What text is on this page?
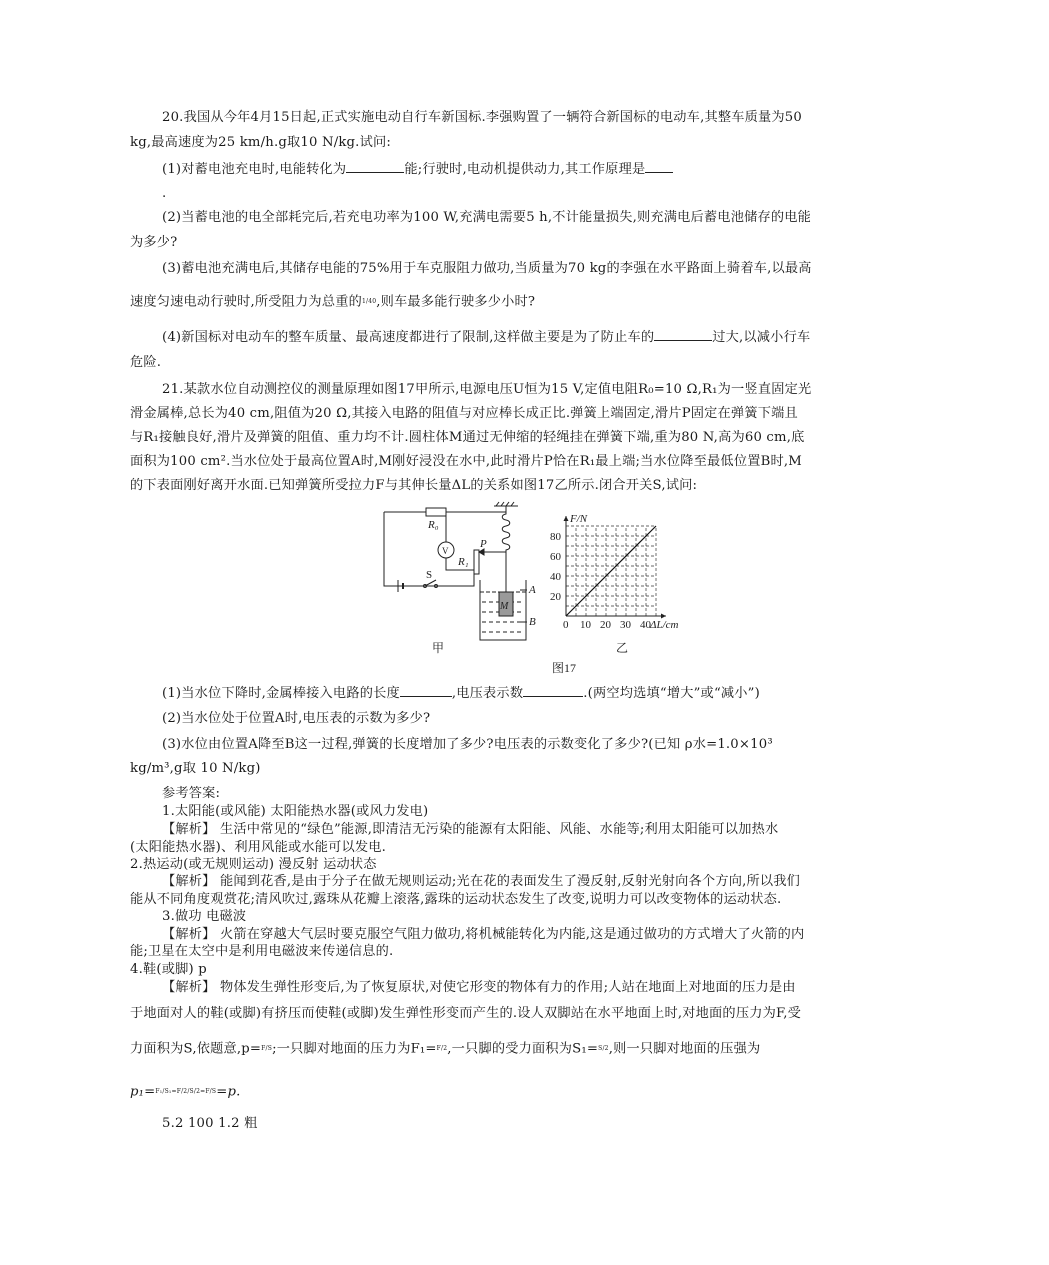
20.我国从今年4月15日起,正式实施电动自行车新国标.李强购置了一辆符合新国标的电动车,其整车质量为50
kg,最高速度为25 km/h.g取10 N/kg.试问:
(1)对蓄电池充电时,电能转化为	能;行驶时,电动机提供动力,其工作原理是
.
(2)当蓄电池的电全部耗完后,若充电功率为100 W,充满电需要5 h,不计能量损失,则充满电后蓄电池储存的电能
为多少?
(3)蓄电池充满电后,其储存电能的75%用于车克服阻力做功,当质量为70 kg的李强在水平路面上骑着车,以最高
速度匀速电动行驶时,所受阻力为总重的1/40,则车最多能行驶多少小时?
(4)新国标对电动车的整车质量、最高速度都进行了限制,这样做主要是为了防止车的	过大,以减小行车
危险.
21.某款水位自动测控仪的测量原理如图17甲所示,电源电压U恒为15 V,定值电阻R₀=10 Ω,R₁为一竖直固定光
滑金属棒,总长为40 cm,阻值为20 Ω,其接入电路的阻值与对应棒长成正比.弹簧上端固定,滑片P固定在弹簧下端且
与R₁接触良好,滑片及弹簧的阻值、重力均不计.圆柱体M通过无伸缩的轻绳挂在弹簧下端,重为80 N,高为60 cm,底
面积为100 cm².当水位处于最高位置A时,M刚好浸没在水中,此时滑片P恰在R₁最上端;当水位降至最低位置B时,M
的下表面刚好离开水面.已知弹簧所受拉力F与其伸长量ΔL的关系如图17乙所示.闭合开关S,试问:
R₀
V
R₁
P
S
M
A
B
甲
0 10 20 30 40
20
40
60
80
ΔL/cm
F/N
乙
图17
(1)当水位下降时,金属棒接入电路的长度	,电压表示数	.(两空均选填“增大”或“减小”)
(2)当水位处于位置A时,电压表的示数为多少?
(3)水位由位置A降至B这一过程,弹簧的长度增加了多少?电压表的示数变化了多少?(已知 ρ水=1.0×10³
kg/m³,g取 10 N/kg)
参考答案:
1.太阳能(或风能) 太阳能热水器(或风力发电)
【解析】 生活中常见的“绿色”能源,即清洁无污染的能源有太阳能、风能、水能等;利用太阳能可以加热水
(太阳能热水器)、利用风能或水能可以发电.
2.热运动(或无规则运动) 漫反射 运动状态
【解析】 能闻到花香,是由于分子在做无规则运动;光在花的表面发生了漫反射,反射光射向各个方向,所以我们
能从不同角度观赏花;清风吹过,露珠从花瓣上滚落,露珠的运动状态发生了改变,说明力可以改变物体的运动状态.
3.做功 电磁波
【解析】 火箭在穿越大气层时要克服空气阻力做功,将机械能转化为内能,这是通过做功的方式增大了火箭的内
能;卫星在太空中是利用电磁波来传递信息的.
4.鞋(或脚) p
【解析】 物体发生弹性形变后,为了恢复原状,对使它形变的物体有力的作用;人站在地面上对地面的压力是由
于地面对人的鞋(或脚)有挤压而使鞋(或脚)发生弹性形变而产生的.设人双脚站在水平地面上时,对地面的压力为F,受
力面积为S,依题意,p=F/S;一只脚对地面的压力为F₁=F/2,一只脚的受力面积为S₁=S/2,则一只脚对地面的压强为
p₁=F₁/S₁=F/2/S/2=F/S=p.
5.2 100 1.2 粗
